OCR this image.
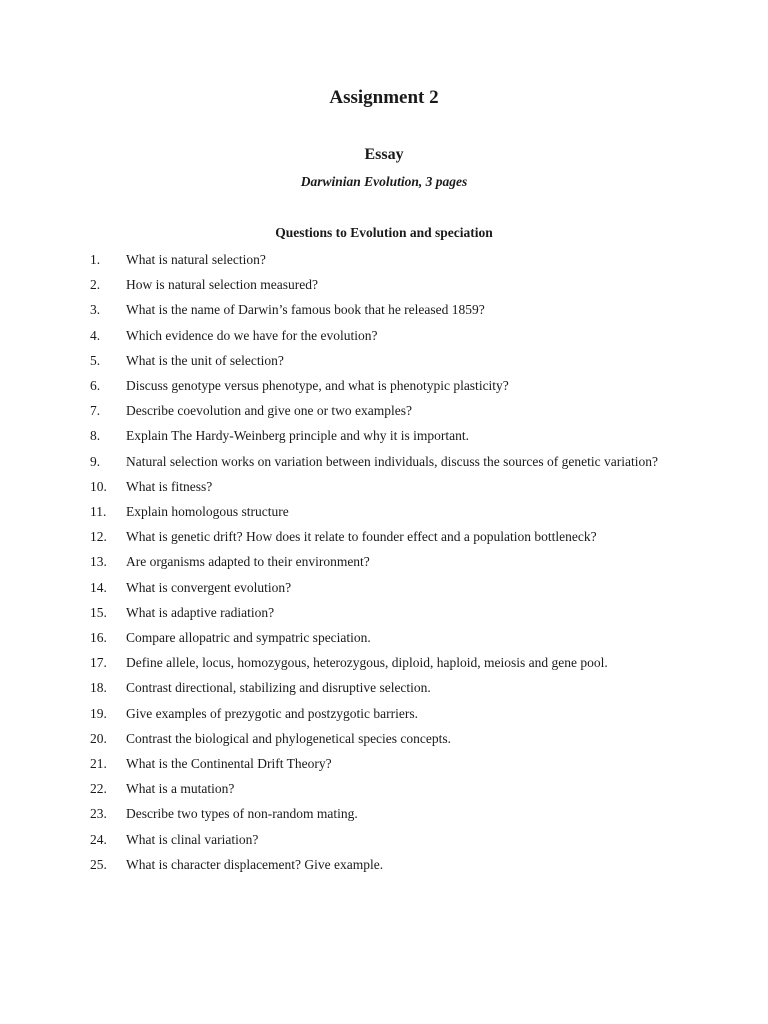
Assignment 2
Essay
Darwinian Evolution, 3 pages
Questions to Evolution and speciation
1.	What is natural selection?
2.	How is natural selection measured?
3.	What is the name of Darwin’s famous book that he released 1859?
4.	Which evidence do we have for the evolution?
5.	What is the unit of selection?
6.	Discuss genotype versus phenotype, and what is phenotypic plasticity?
7.	Describe coevolution and give one or two examples?
8.	Explain The Hardy-Weinberg principle and why it is important.
9.	Natural selection works on variation between individuals, discuss the sources of genetic variation?
10.	What is fitness?
11.	Explain homologous structure
12.	What is genetic drift? How does it relate to founder effect and a population bottleneck?
13.	Are organisms adapted to their environment?
14.	What is convergent evolution?
15.	What is adaptive radiation?
16.	Compare allopatric and sympatric speciation.
17.	Define allele, locus, homozygous, heterozygous, diploid, haploid, meiosis and gene pool.
18.	Contrast directional, stabilizing and disruptive selection.
19.	Give examples of prezygotic and postzygotic barriers.
20.	Contrast the biological and phylogenetical species concepts.
21.	What is the Continental Drift Theory?
22.	What is a mutation?
23.	Describe two types of non-random mating.
24.	What is clinal variation?
25.	What is character displacement? Give example.
